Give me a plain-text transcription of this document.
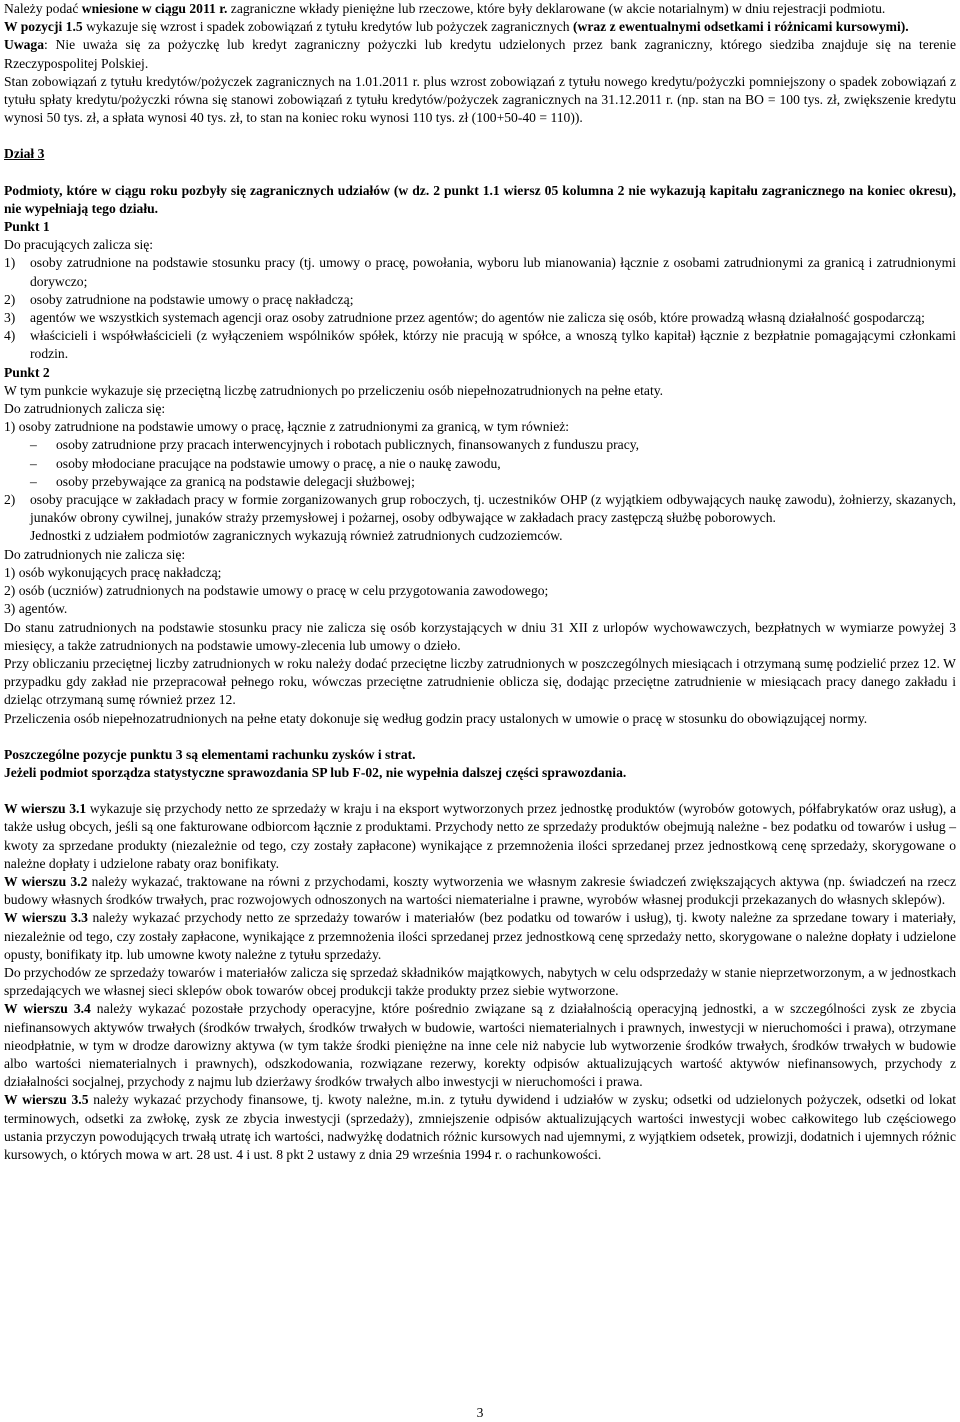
Należy podać wniesione w ciągu 2011 r. zagraniczne wkłady pieniężne lub rzeczowe, które były deklarowane (w akcie notarialnym) w dniu rejestracji podmiotu.

W pozycji 1.5 wykazuje się wzrost i spadek zobowiązań z tytułu kredytów lub pożyczek zagranicznych (wraz z ewentualnymi odsetkami i różnicami kursowymi).

Uwaga: Nie uważa się za pożyczkę lub kredyt zagraniczny pożyczki lub kredytu udzielonych przez bank zagraniczny, którego siedziba znajduje się na terenie Rzeczypospolitej Polskiej.

Stan zobowiązań z tytułu kredytów/pożyczek zagranicznych na 1.01.2011 r. plus wzrost zobowiązań z tytułu nowego kredytu/pożyczki pomniejszony o spadek zobowiązań z tytułu spłaty kredytu/pożyczki równa się stanowi zobowiązań z tytułu kredytów/pożyczek zagranicznych na 31.12.2011 r. (np. stan na BO = 100 tys. zł, zwiększenie kredytu wynosi 50 tys. zł, a spłata wynosi 40 tys. zł, to stan na koniec roku wynosi 110 tys. zł (100+50-40 = 110)).

Dział 3

Podmioty, które w ciągu roku pozbyły się zagranicznych udziałów (w dz. 2 punkt 1.1 wiersz 05 kolumna 2 nie wykazują kapitału zagranicznego na koniec okresu), nie wypełniają tego działu.

Punkt 1

Do pracujących zalicza się:

1) osoby zatrudnione na podstawie stosunku pracy (tj. umowy o pracę, powołania, wyboru lub mianowania) łącznie z osobami zatrudnionymi za granicą i zatrudnionymi dorywczo;

2) osoby zatrudnione na podstawie umowy o pracę nakładczą;

3) agentów we wszystkich systemach agencji oraz osoby zatrudnione przez agentów; do agentów nie zalicza się osób, które prowadzą własną działalność gospodarczą;

4) właścicieli i współwłaścicieli (z wyłączeniem wspólników spółek, którzy nie pracują w spółce, a wnoszą tylko kapitał) łącznie z bezpłatnie pomagającymi członkami rodzin.

Punkt 2

W tym punkcie wykazuje się przeciętną liczbę zatrudnionych po przeliczeniu osób niepełnozatrudnionych na pełne etaty.

Do zatrudnionych zalicza się:

1) osoby zatrudnione na podstawie umowy o pracę, łącznie z zatrudnionymi za granicą, w tym również:

– osoby zatrudnione przy pracach interwencyjnych i robotach publicznych, finansowanych z funduszu pracy,

– osoby młodociane pracujące na podstawie umowy o pracę, a nie o naukę zawodu,

– osoby przebywające za granicą na podstawie delegacji służbowej;

2) osoby pracujące w zakładach pracy w formie zorganizowanych grup roboczych, tj. uczestników OHP (z wyjątkiem odbywających naukę zawodu), żołnierzy, skazanych, junaków obrony cywilnej, junaków straży przemysłowej i pożarnej, osoby odbywające w zakładach pracy zastępczą służbę poborowych.

Jednostki z udziałem podmiotów zagranicznych wykazują również zatrudnionych cudzoziemców.

Do zatrudnionych nie zalicza się:

1) osób wykonujących pracę nakładczą;

2) osób (uczniów) zatrudnionych na podstawie umowy o pracę w celu przygotowania zawodowego;

3) agentów.

Do stanu zatrudnionych na podstawie stosunku pracy nie zalicza się osób korzystających w dniu 31 XII z urlopów wychowawczych, bezpłatnych w wymiarze powyżej 3 miesięcy, a także zatrudnionych na podstawie umowy-zlecenia lub umowy o dzieło.

Przy obliczaniu przeciętnej liczby zatrudnionych w roku należy dodać przeciętne liczby zatrudnionych w poszczególnych miesiącach i otrzymaną sumę podzielić przez 12. W przypadku gdy zakład nie przepracował pełnego roku, wówczas przeciętne zatrudnienie oblicza się, dodając przeciętne zatrudnienie w miesiącach pracy danego zakładu i dzieląc otrzymaną sumę również przez 12.

Przeliczenia osób niepełnozatrudnionych na pełne etaty dokonuje się według godzin pracy ustalonych w umowie o pracę w stosunku do obowiązującej normy.

Poszczególne pozycje punktu 3 są elementami rachunku zysków i strat.

Jeżeli podmiot sporządza statystyczne sprawozdania SP lub F-02, nie wypełnia dalszej części sprawozdania.

W wierszu 3.1 wykazuje się przychody netto ze sprzedaży w kraju i na eksport wytworzonych przez jednostkę produktów (wyrobów gotowych, półfabrykatów oraz usług), a także usług obcych, jeśli są one fakturowane odbiorcom łącznie z produktami. Przychody netto ze sprzedaży produktów obejmują należne - bez podatku od towarów i usług – kwoty za sprzedane produkty (niezależnie od tego, czy zostały zapłacone) wynikające z przemnożenia ilości sprzedanej przez jednostkową cenę sprzedaży, skorygowane o należne dopłaty i udzielone rabaty oraz bonifikaty.

W wierszu 3.2 należy wykazać, traktowane na równi z przychodami, koszty wytworzenia we własnym zakresie świadczeń zwiększających aktywa (np. świadczeń na rzecz budowy własnych środków trwałych, prac rozwojowych odnoszonych na wartości niematerialne i prawne, wyrobów własnej produkcji przekazanych do własnych sklepów).

W wierszu 3.3 należy wykazać przychody netto ze sprzedaży towarów i materiałów (bez podatku od towarów i usług), tj. kwoty należne za sprzedane towary i materiały, niezależnie od tego, czy zostały zapłacone, wynikające z przemnożenia ilości sprzedanej przez jednostkową cenę sprzedaży netto, skorygowane o należne dopłaty i udzielone opusty, bonifikaty itp. lub umowne kwoty należne z tytułu sprzedaży.

Do przychodów ze sprzedaży towarów i materiałów zalicza się sprzedaż składników majątkowych, nabytych w celu odsprzedaży w stanie nieprzetworzonym, a w jednostkach sprzedających we własnej sieci sklepów obok towarów obcej produkcji także produkty przez siebie wytworzone.

W wierszu 3.4 należy wykazać pozostałe przychody operacyjne, które pośrednio związane są z działalnością operacyjną jednostki, a w szczególności zysk ze zbycia niefinansowych aktywów trwałych (środków trwałych, środków trwałych w budowie, wartości niematerialnych i prawnych, inwestycji w nieruchomości i prawa), otrzymane nieodpłatnie, w tym w drodze darowizny aktywa (w tym także środki pieniężne na inne cele niż nabycie lub wytworzenie środków trwałych, środków trwałych w budowie albo wartości niematerialnych i prawnych), odszkodowania, rozwiązane rezerwy, korekty odpisów aktualizujących wartość aktywów niefinansowych, przychody z działalności socjalnej, przychody z najmu lub dzierżawy środków trwałych albo inwestycji w nieruchomości i prawa.

W wierszu 3.5 należy wykazać przychody finansowe, tj. kwoty należne, m.in. z tytułu dywidend i udziałów w zysku; odsetki od udzielonych pożyczek, odsetki od lokat terminowych, odsetki za zwłokę, zysk ze zbycia inwestycji (sprzedaży), zmniejszenie odpisów aktualizujących wartości inwestycji wobec całkowitego lub częściowego ustania przyczyn powodujących trwałą utratę ich wartości, nadwyżkę dodatnich różnic kursowych nad ujemnymi, z wyjątkiem odsetek, prowizji, dodatnich i ujemnych różnic kursowych, o których mowa w art. 28 ust. 4 i ust. 8 pkt 2 ustawy z dnia 29 września 1994 r. o rachunkowości.

3
